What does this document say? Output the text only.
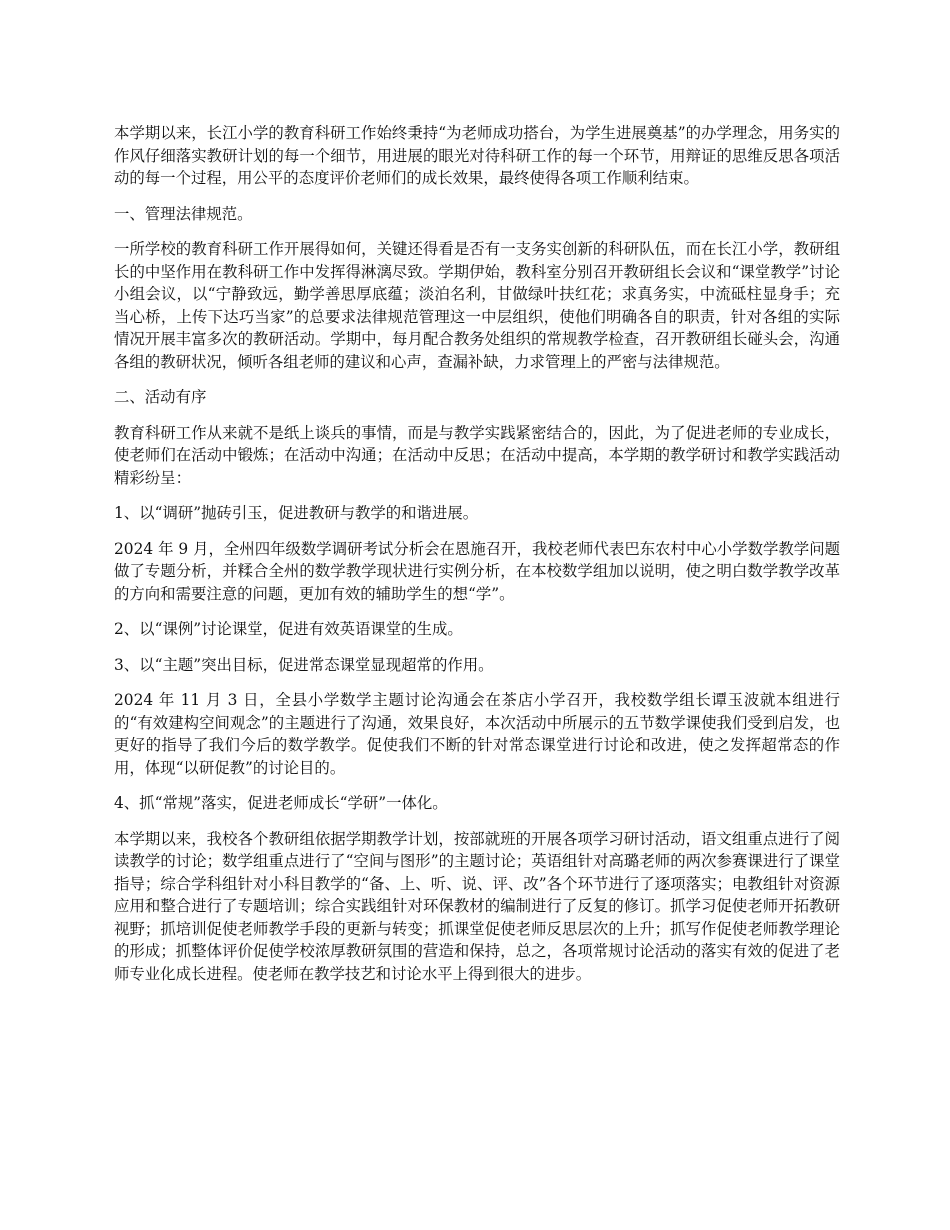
本学期以来，长江小学的教育科研工作始终秉持“为老师成功搭台，为学生进展奠基”的办学理念，用务实的作风仔细落实教研计划的每一个细节，用进展的眼光对待科研工作的每一个环节，用辩证的思维反思各项活动的每一个过程，用公平的态度评价老师们的成长效果，最终使得各项工作顺利结束。

一、管理法律规范。

一所学校的教育科研工作开展得如何，关键还得看是否有一支务实创新的科研队伍，而在长江小学，教研组长的中坚作用在教科研工作中发挥得淋漓尽致。学期伊始，教科室分别召开教研组长会议和“课堂教学”讨论小组会议，以“宁静致远，勤学善思厚底蕴；淡泊名利，甘做绿叶扶红花；求真务实，中流砥柱显身手；充当心桥，上传下达巧当家”的总要求法律规范管理这一中层组织，使他们明确各自的职责，针对各组的实际情况开展丰富多次的教研活动。学期中，每月配合教务处组织的常规教学检查，召开教研组长碰头会，沟通各组的教研状况，倾听各组老师的建议和心声，查漏补缺，力求管理上的严密与法律规范。

二、活动有序

教育科研工作从来就不是纸上谈兵的事情，而是与教学实践紧密结合的，因此，为了促进老师的专业成长，使老师们在活动中锻炼；在活动中沟通；在活动中反思；在活动中提高，本学期的教学研讨和教学实践活动精彩纷呈：

1、以“调研”抛砖引玉，促进教研与教学的和谐进展。

2024 年 9 月，全州四年级数学调研考试分析会在恩施召开，我校老师代表巴东农村中心小学数学教学问题做了专题分析，并糅合全州的数学教学现状进行实例分析，在本校数学组加以说明，使之明白数学教学改革的方向和需要注意的问题，更加有效的辅助学生的想“学”。

2、以“课例”讨论课堂，促进有效英语课堂的生成。

3、以“主题”突出目标，促进常态课堂显现超常的作用。

2024 年 11 月 3 日，全县小学数学主题讨论沟通会在茶店小学召开，我校数学组长谭玉波就本组进行的“有效建构空间观念”的主题进行了沟通，效果良好，本次活动中所展示的五节数学课使我们受到启发，也更好的指导了我们今后的数学教学。促使我们不断的针对常态课堂进行讨论和改进，使之发挥超常态的作用，体现“以研促教”的讨论目的。

4、抓“常规”落实，促进老师成长“学研”一体化。

本学期以来，我校各个教研组依据学期教学计划，按部就班的开展各项学习研讨活动，语文组重点进行了阅读教学的讨论；数学组重点进行了“空间与图形”的主题讨论；英语组针对高璐老师的两次参赛课进行了课堂指导；综合学科组针对小科目教学的“备、上、听、说、评、改”各个环节进行了逐项落实；电教组针对资源应用和整合进行了专题培训；综合实践组针对环保教材的编制进行了反复的修订。抓学习促使老师开拓教研视野；抓培训促使老师教学手段的更新与转变；抓课堂促使老师反思层次的上升；抓写作促使老师教学理论的形成；抓整体评价促使学校浓厚教研氛围的营造和保持，总之，各项常规讨论活动的落实有效的促进了老师专业化成长进程。使老师在教学技艺和讨论水平上得到很大的进步。
